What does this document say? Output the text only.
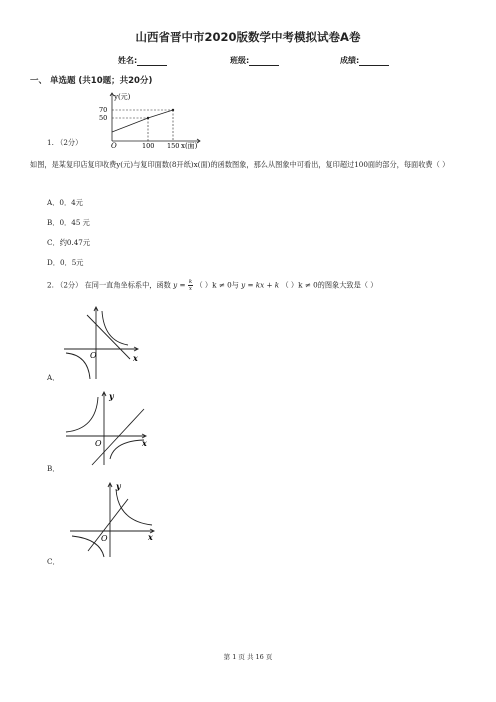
山西省晋中市2020版数学中考模拟试卷A卷
姓名:	班级:	成绩:
一、 单选题 (共10题；共20分)
y(元)
70
50
O	100 150 x(面)
1. （2分）
如图，是某复印店复印收费y(元)与复印面数(8开纸)x(面)的函数图象，那么从图象中可看出，复印超过100面的部分，每面收费（ ）
A．0．4元
B．0．45 元
C．约0.47元
D．0．5元
2. （2分） 在同一直角坐标系中，函数 $y = \frac{k}{x}$ （ ）k ≠ 0与 y = kx + k （ ）k ≠ 0的图象大致是（ ）
x
O
A．
y
x
O
B．
y
x
O
C．
第 1 页 共 16 页
